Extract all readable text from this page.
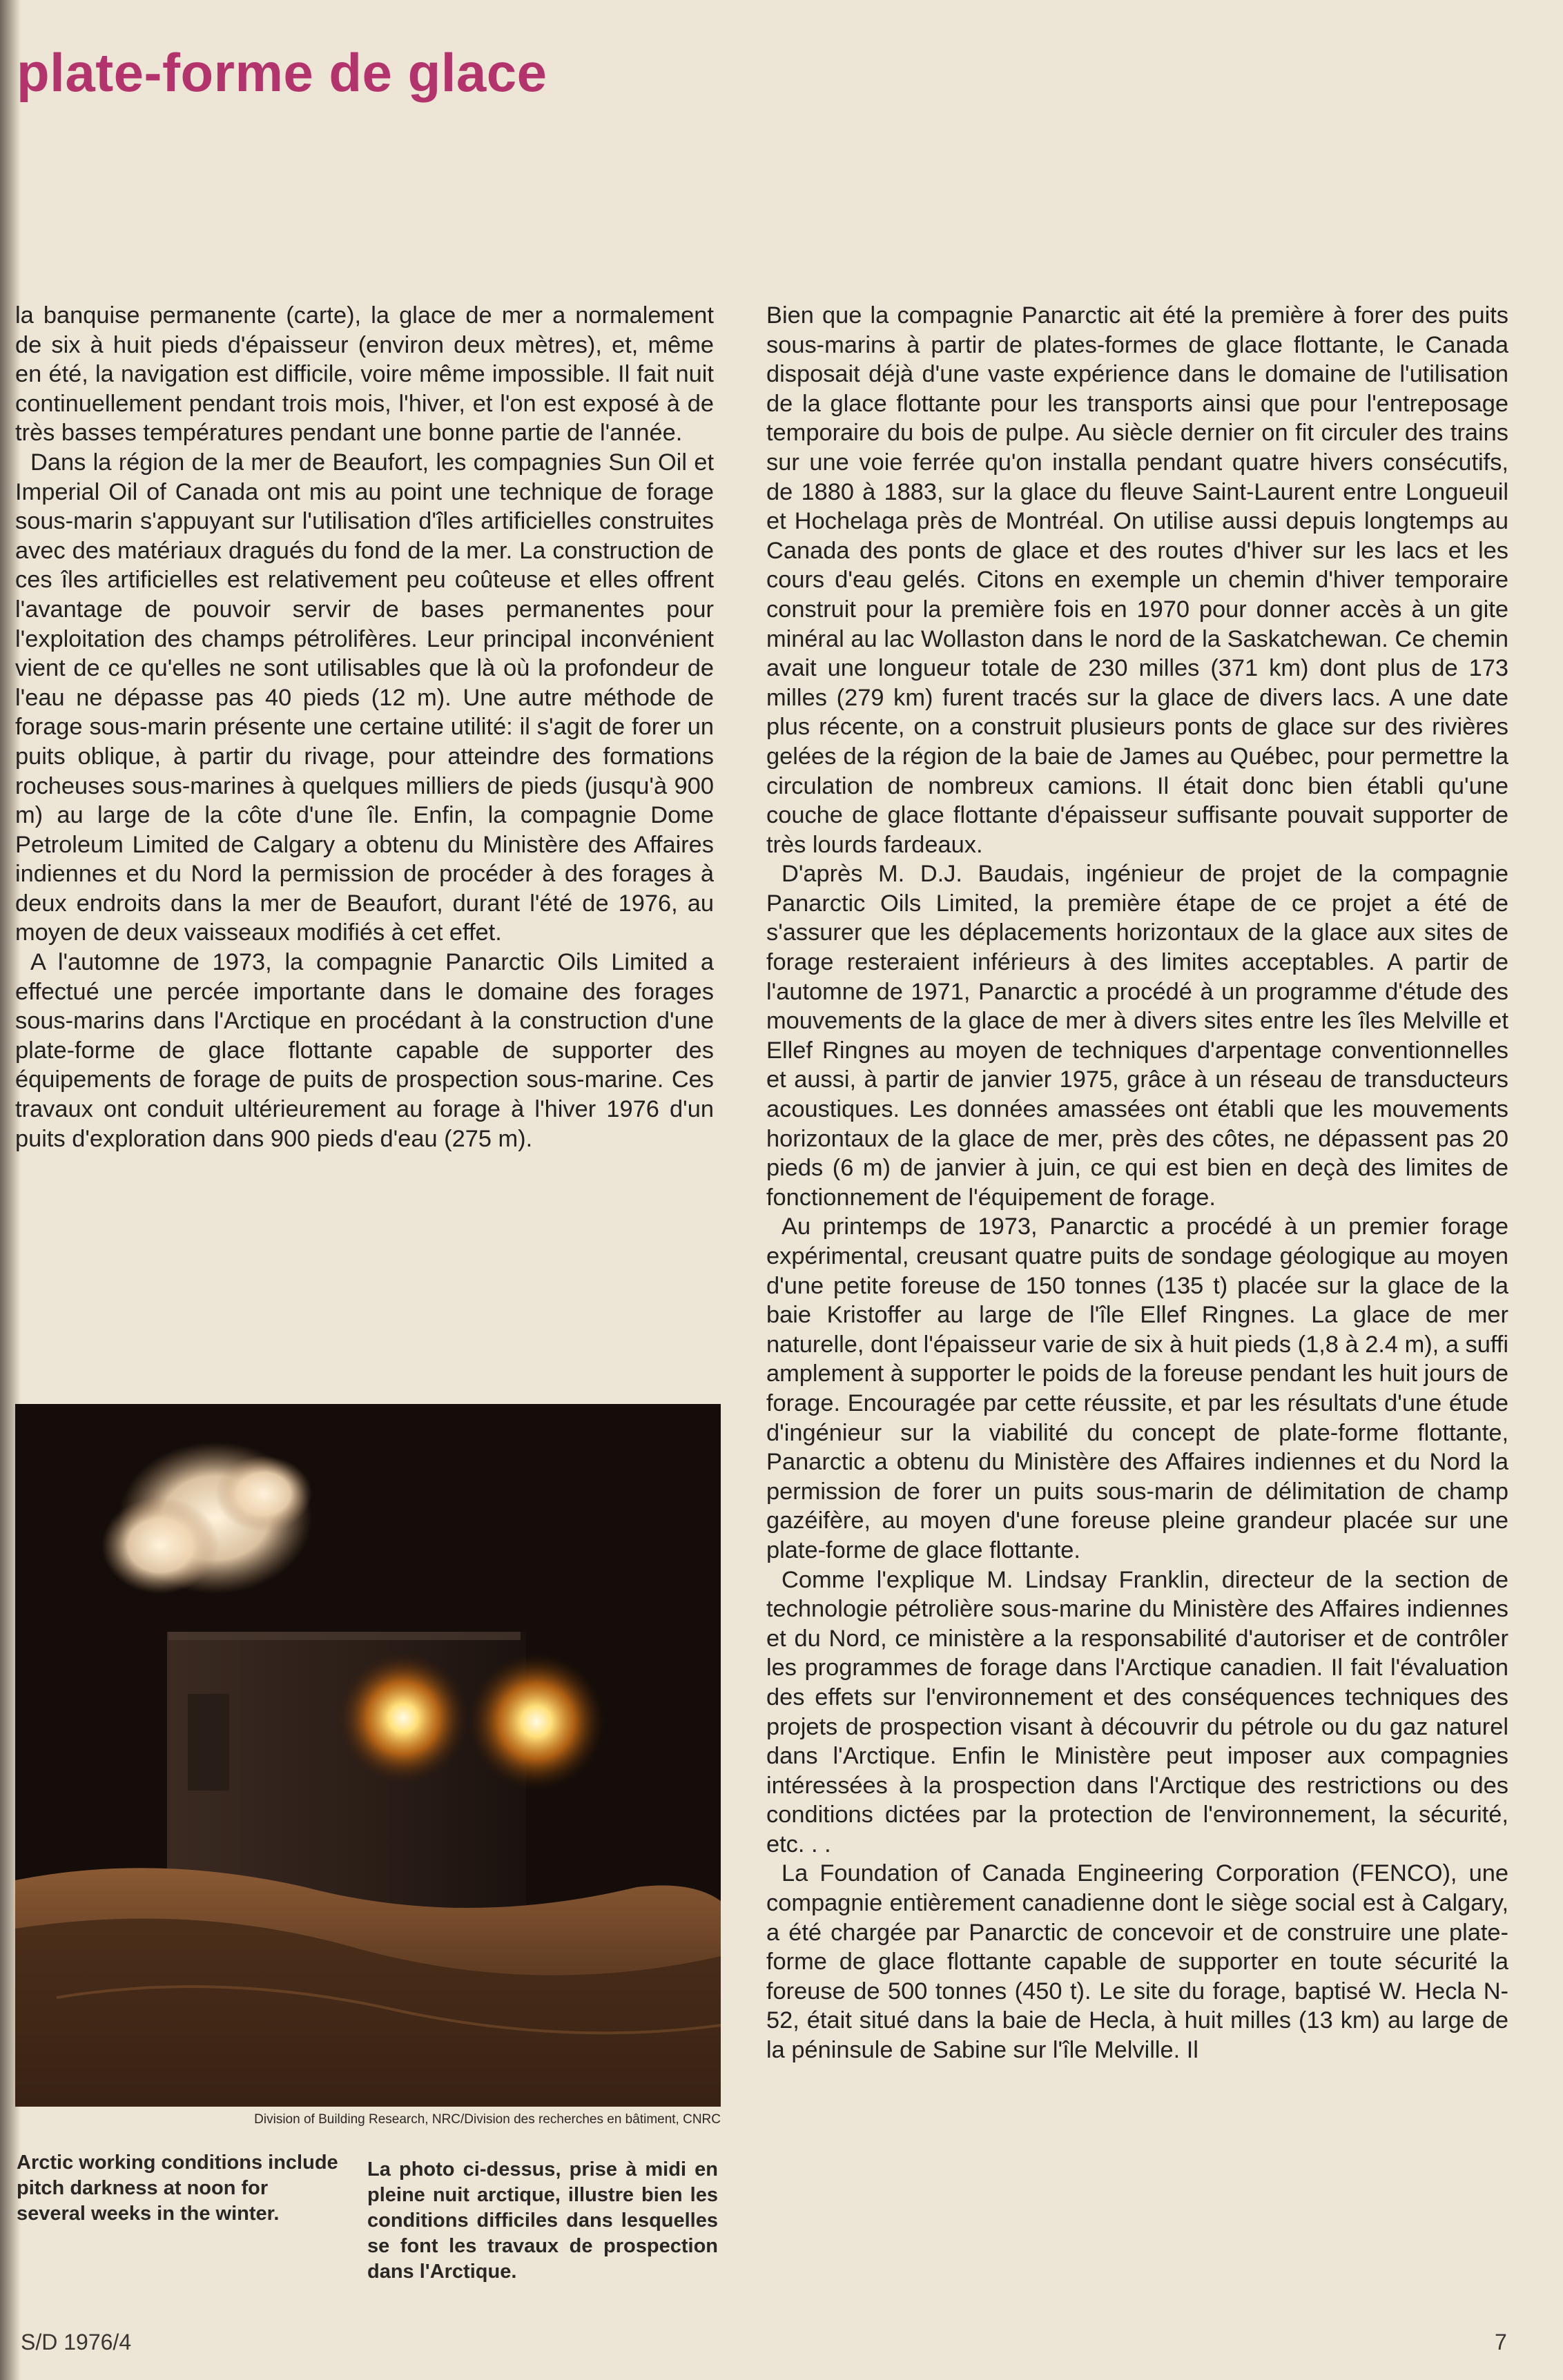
plate-forme de glace

la banquise permanente (carte), la glace de mer a normalement de six à huit pieds d'épaisseur (environ deux mètres), et, même en été, la navigation est difficile, voire même impossible. Il fait nuit continuellement pendant trois mois, l'hiver, et l'on est exposé à de très basses températures pendant une bonne partie de l'année.

Dans la région de la mer de Beaufort, les compagnies Sun Oil et Imperial Oil of Canada ont mis au point une technique de forage sous-marin s'appuyant sur l'utilisation d'îles artificielles construites avec des matériaux dragués du fond de la mer. La construction de ces îles artificielles est relativement peu coûteuse et elles offrent l'avantage de pouvoir servir de bases permanentes pour l'exploitation des champs pétrolifères. Leur principal inconvénient vient de ce qu'elles ne sont utilisables que là où la profondeur de l'eau ne dépasse pas 40 pieds (12 m). Une autre méthode de forage sous-marin présente une certaine utilité: il s'agit de forer un puits oblique, à partir du rivage, pour atteindre des formations rocheuses sous-marines à quelques milliers de pieds (jusqu'à 900 m) au large de la côte d'une île. Enfin, la compagnie Dome Petroleum Limited de Calgary a obtenu du Ministère des Affaires indiennes et du Nord la permission de procéder à des forages à deux endroits dans la mer de Beaufort, durant l'été de 1976, au moyen de deux vaisseaux modifiés à cet effet.

A l'automne de 1973, la compagnie Panarctic Oils Limited a effectué une percée importante dans le domaine des forages sous-marins dans l'Arctique en procédant à la construction d'une plate-forme de glace flottante capable de supporter des équipements de forage de puits de prospection sous-marine. Ces travaux ont conduit ultérieurement au forage à l'hiver 1976 d'un puits d'exploration dans 900 pieds d'eau (275 m).

Bien que la compagnie Panarctic ait été la première à forer des puits sous-marins à partir de plates-formes de glace flottante, le Canada disposait déjà d'une vaste expérience dans le domaine de l'utilisation de la glace flottante pour les transports ainsi que pour l'entreposage temporaire du bois de pulpe. Au siècle dernier on fit circuler des trains sur une voie ferrée qu'on installa pendant quatre hivers consécutifs, de 1880 à 1883, sur la glace du fleuve Saint-Laurent entre Longueuil et Hochelaga près de Montréal. On utilise aussi depuis longtemps au Canada des ponts de glace et des routes d'hiver sur les lacs et les cours d'eau gelés. Citons en exemple un chemin d'hiver temporaire construit pour la première fois en 1970 pour donner accès à un gite minéral au lac Wollaston dans le nord de la Saskatchewan. Ce chemin avait une longueur totale de 230 milles (371 km) dont plus de 173 milles (279 km) furent tracés sur la glace de divers lacs. A une date plus récente, on a construit plusieurs ponts de glace sur des rivières gelées de la région de la baie de James au Québec, pour permettre la circulation de nombreux camions. Il était donc bien établi qu'une couche de glace flottante d'épaisseur suffisante pouvait supporter de très lourds fardeaux.

D'après M. D.J. Baudais, ingénieur de projet de la compagnie Panarctic Oils Limited, la première étape de ce projet a été de s'assurer que les déplacements horizontaux de la glace aux sites de forage resteraient inférieurs à des limites acceptables. A partir de l'automne de 1971, Panarctic a procédé à un programme d'étude des mouvements de la glace de mer à divers sites entre les îles Melville et Ellef Ringnes au moyen de techniques d'arpentage conventionnelles et aussi, à partir de janvier 1975, grâce à un réseau de transducteurs acoustiques. Les données amassées ont établi que les mouvements horizontaux de la glace de mer, près des côtes, ne dépassent pas 20 pieds (6 m) de janvier à juin, ce qui est bien en deçà des limites de fonctionnement de l'équipement de forage.

Au printemps de 1973, Panarctic a procédé à un premier forage expérimental, creusant quatre puits de sondage géologique au moyen d'une petite foreuse de 150 tonnes (135 t) placée sur la glace de la baie Kristoffer au large de l'île Ellef Ringnes. La glace de mer naturelle, dont l'épaisseur varie de six à huit pieds (1,8 à 2.4 m), a suffi amplement à supporter le poids de la foreuse pendant les huit jours de forage. Encouragée par cette réussite, et par les résultats d'une étude d'ingénieur sur la viabilité du concept de plate-forme flottante, Panarctic a obtenu du Ministère des Affaires indiennes et du Nord la permission de forer un puits sous-marin de délimitation de champ gazéifère, au moyen d'une foreuse pleine grandeur placée sur une plate-forme de glace flottante.

Comme l'explique M. Lindsay Franklin, directeur de la section de technologie pétrolière sous-marine du Ministère des Affaires indiennes et du Nord, ce ministère a la responsabilité d'autoriser et de contrôler les programmes de forage dans l'Arctique canadien. Il fait l'évaluation des effets sur l'environnement et des conséquences techniques des projets de prospection visant à découvrir du pétrole ou du gaz naturel dans l'Arctique. Enfin le Ministère peut imposer aux compagnies intéressées à la prospection dans l'Arctique des restrictions ou des conditions dictées par la protection de l'environnement, la sécurité, etc. . .

La Foundation of Canada Engineering Corporation (FENCO), une compagnie entièrement canadienne dont le siège social est à Calgary, a été chargée par Panarctic de concevoir et de construire une plate-forme de glace flottante capable de supporter en toute sécurité la foreuse de 500 tonnes (450 t). Le site du forage, baptisé W. Hecla N-52, était situé dans la baie de Hecla, à huit milles (13 km) au large de la péninsule de Sabine sur l'île Melville. Il

Division of Building Research, NRC/Division des recherches en bâtiment, CNRC

Arctic working conditions include pitch darkness at noon for several weeks in the winter.

La photo ci-dessus, prise à midi en pleine nuit arctique, illustre bien les conditions difficiles dans lesquelles se font les travaux de prospection dans l'Arctique.

S/D 1976/4	7
